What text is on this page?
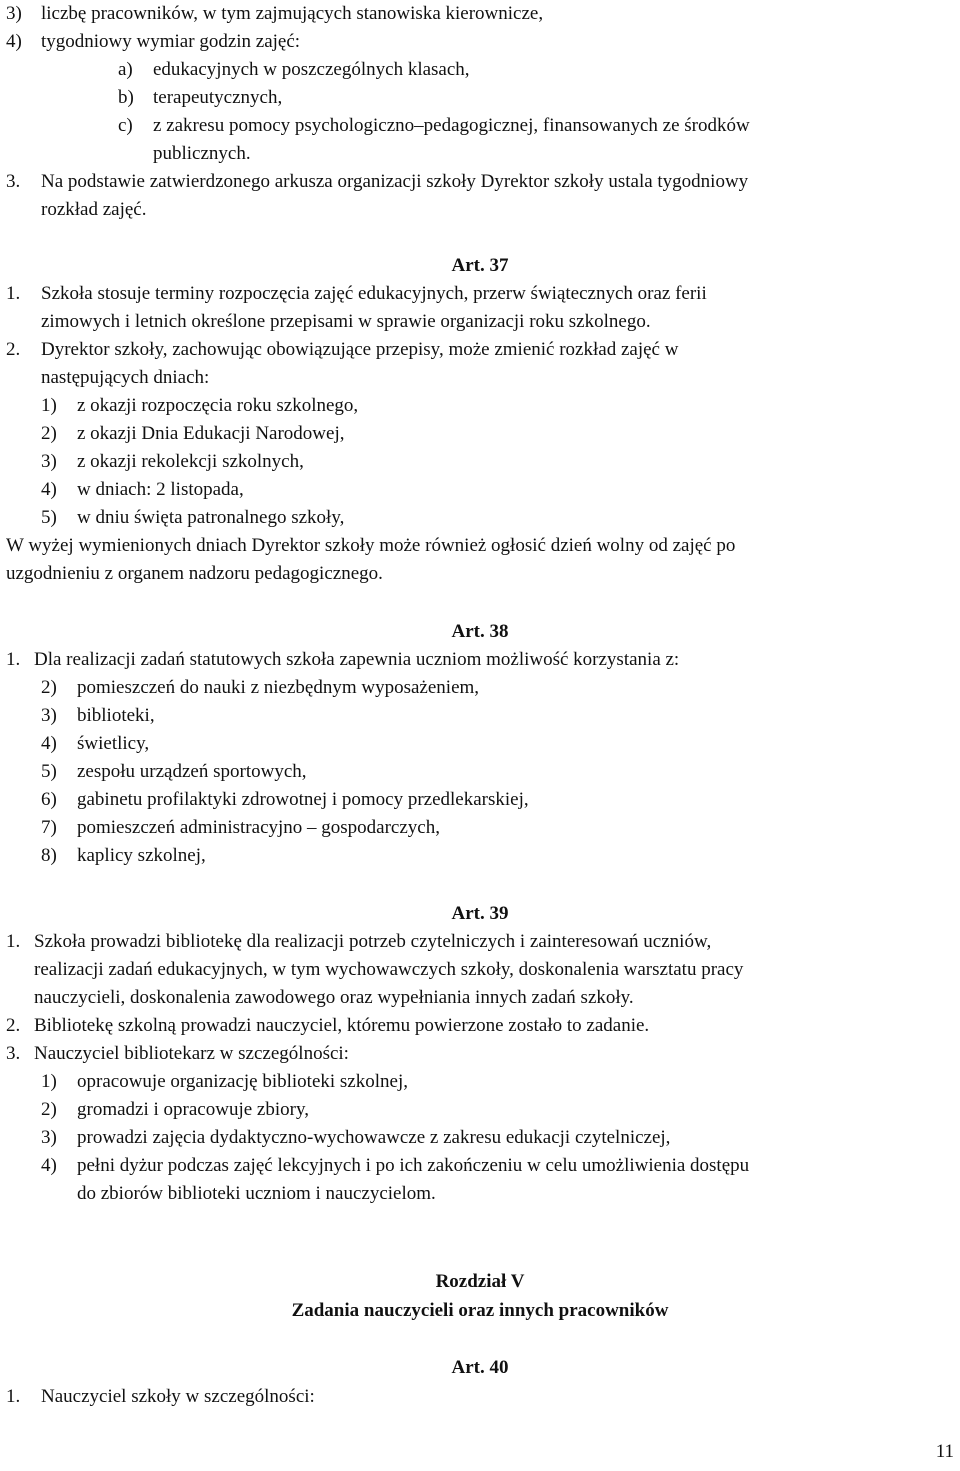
3) liczbę pracowników, w tym zajmujących stanowiska kierownicze,
4) tygodniowy wymiar godzin zajęć:
a) edukacyjnych w poszczególnych klasach,
b) terapeutycznych,
c) z zakresu pomocy psychologiczno–pedagogicznej, finansowanych ze środków
publicznych.
3. Na podstawie zatwierdzonego arkusza organizacji szkoły Dyrektor szkoły ustala tygodniowy
rozkład zajęć.
Art. 37
1. Szkoła stosuje terminy rozpoczęcia zajęć edukacyjnych, przerw świątecznych oraz ferii
zimowych i letnich określone przepisami w sprawie organizacji roku szkolnego.
2. Dyrektor szkoły, zachowując obowiązujące przepisy, może zmienić rozkład zajęć w
następujących dniach:
1) z okazji rozpoczęcia roku szkolnego,
2) z okazji Dnia Edukacji Narodowej,
3) z okazji rekolekcji szkolnych,
4) w dniach: 2 listopada,
5) w dniu święta patronalnego szkoły,
W wyżej wymienionych dniach Dyrektor szkoły może również ogłosić dzień wolny od zajęć po
uzgodnieniu z organem nadzoru pedagogicznego.
Art. 38
1. Dla realizacji zadań statutowych szkoła zapewnia uczniom możliwość korzystania z:
2) pomieszczeń do nauki z niezbędnym wyposażeniem,
3) biblioteki,
4) świetlicy,
5) zespołu urządzeń sportowych,
6) gabinetu profilaktyki zdrowotnej i pomocy przedlekarskiej,
7) pomieszczeń administracyjno – gospodarczych,
8) kaplicy szkolnej,
Art. 39
1. Szkoła prowadzi bibliotekę dla realizacji potrzeb czytelniczych i zainteresowań uczniów,
realizacji zadań edukacyjnych, w tym wychowawczych szkoły, doskonalenia warsztatu pracy
nauczycieli, doskonalenia zawodowego oraz wypełniania innych zadań szkoły.
2. Bibliotekę szkolną prowadzi nauczyciel, któremu powierzone zostało to zadanie.
3. Nauczyciel bibliotekarz w szczególności:
1) opracowuje organizację biblioteki szkolnej,
2) gromadzi i opracowuje zbiory,
3) prowadzi zajęcia dydaktyczno-wychowawcze z zakresu edukacji czytelniczej,
4) pełni dyżur podczas zajęć lekcyjnych i po ich zakończeniu w celu umożliwienia dostępu
do zbiorów biblioteki uczniom i nauczycielom.
Rozdział V
Zadania nauczycieli oraz innych pracowników
Art. 40
1. Nauczyciel szkoły w szczególności:
11
